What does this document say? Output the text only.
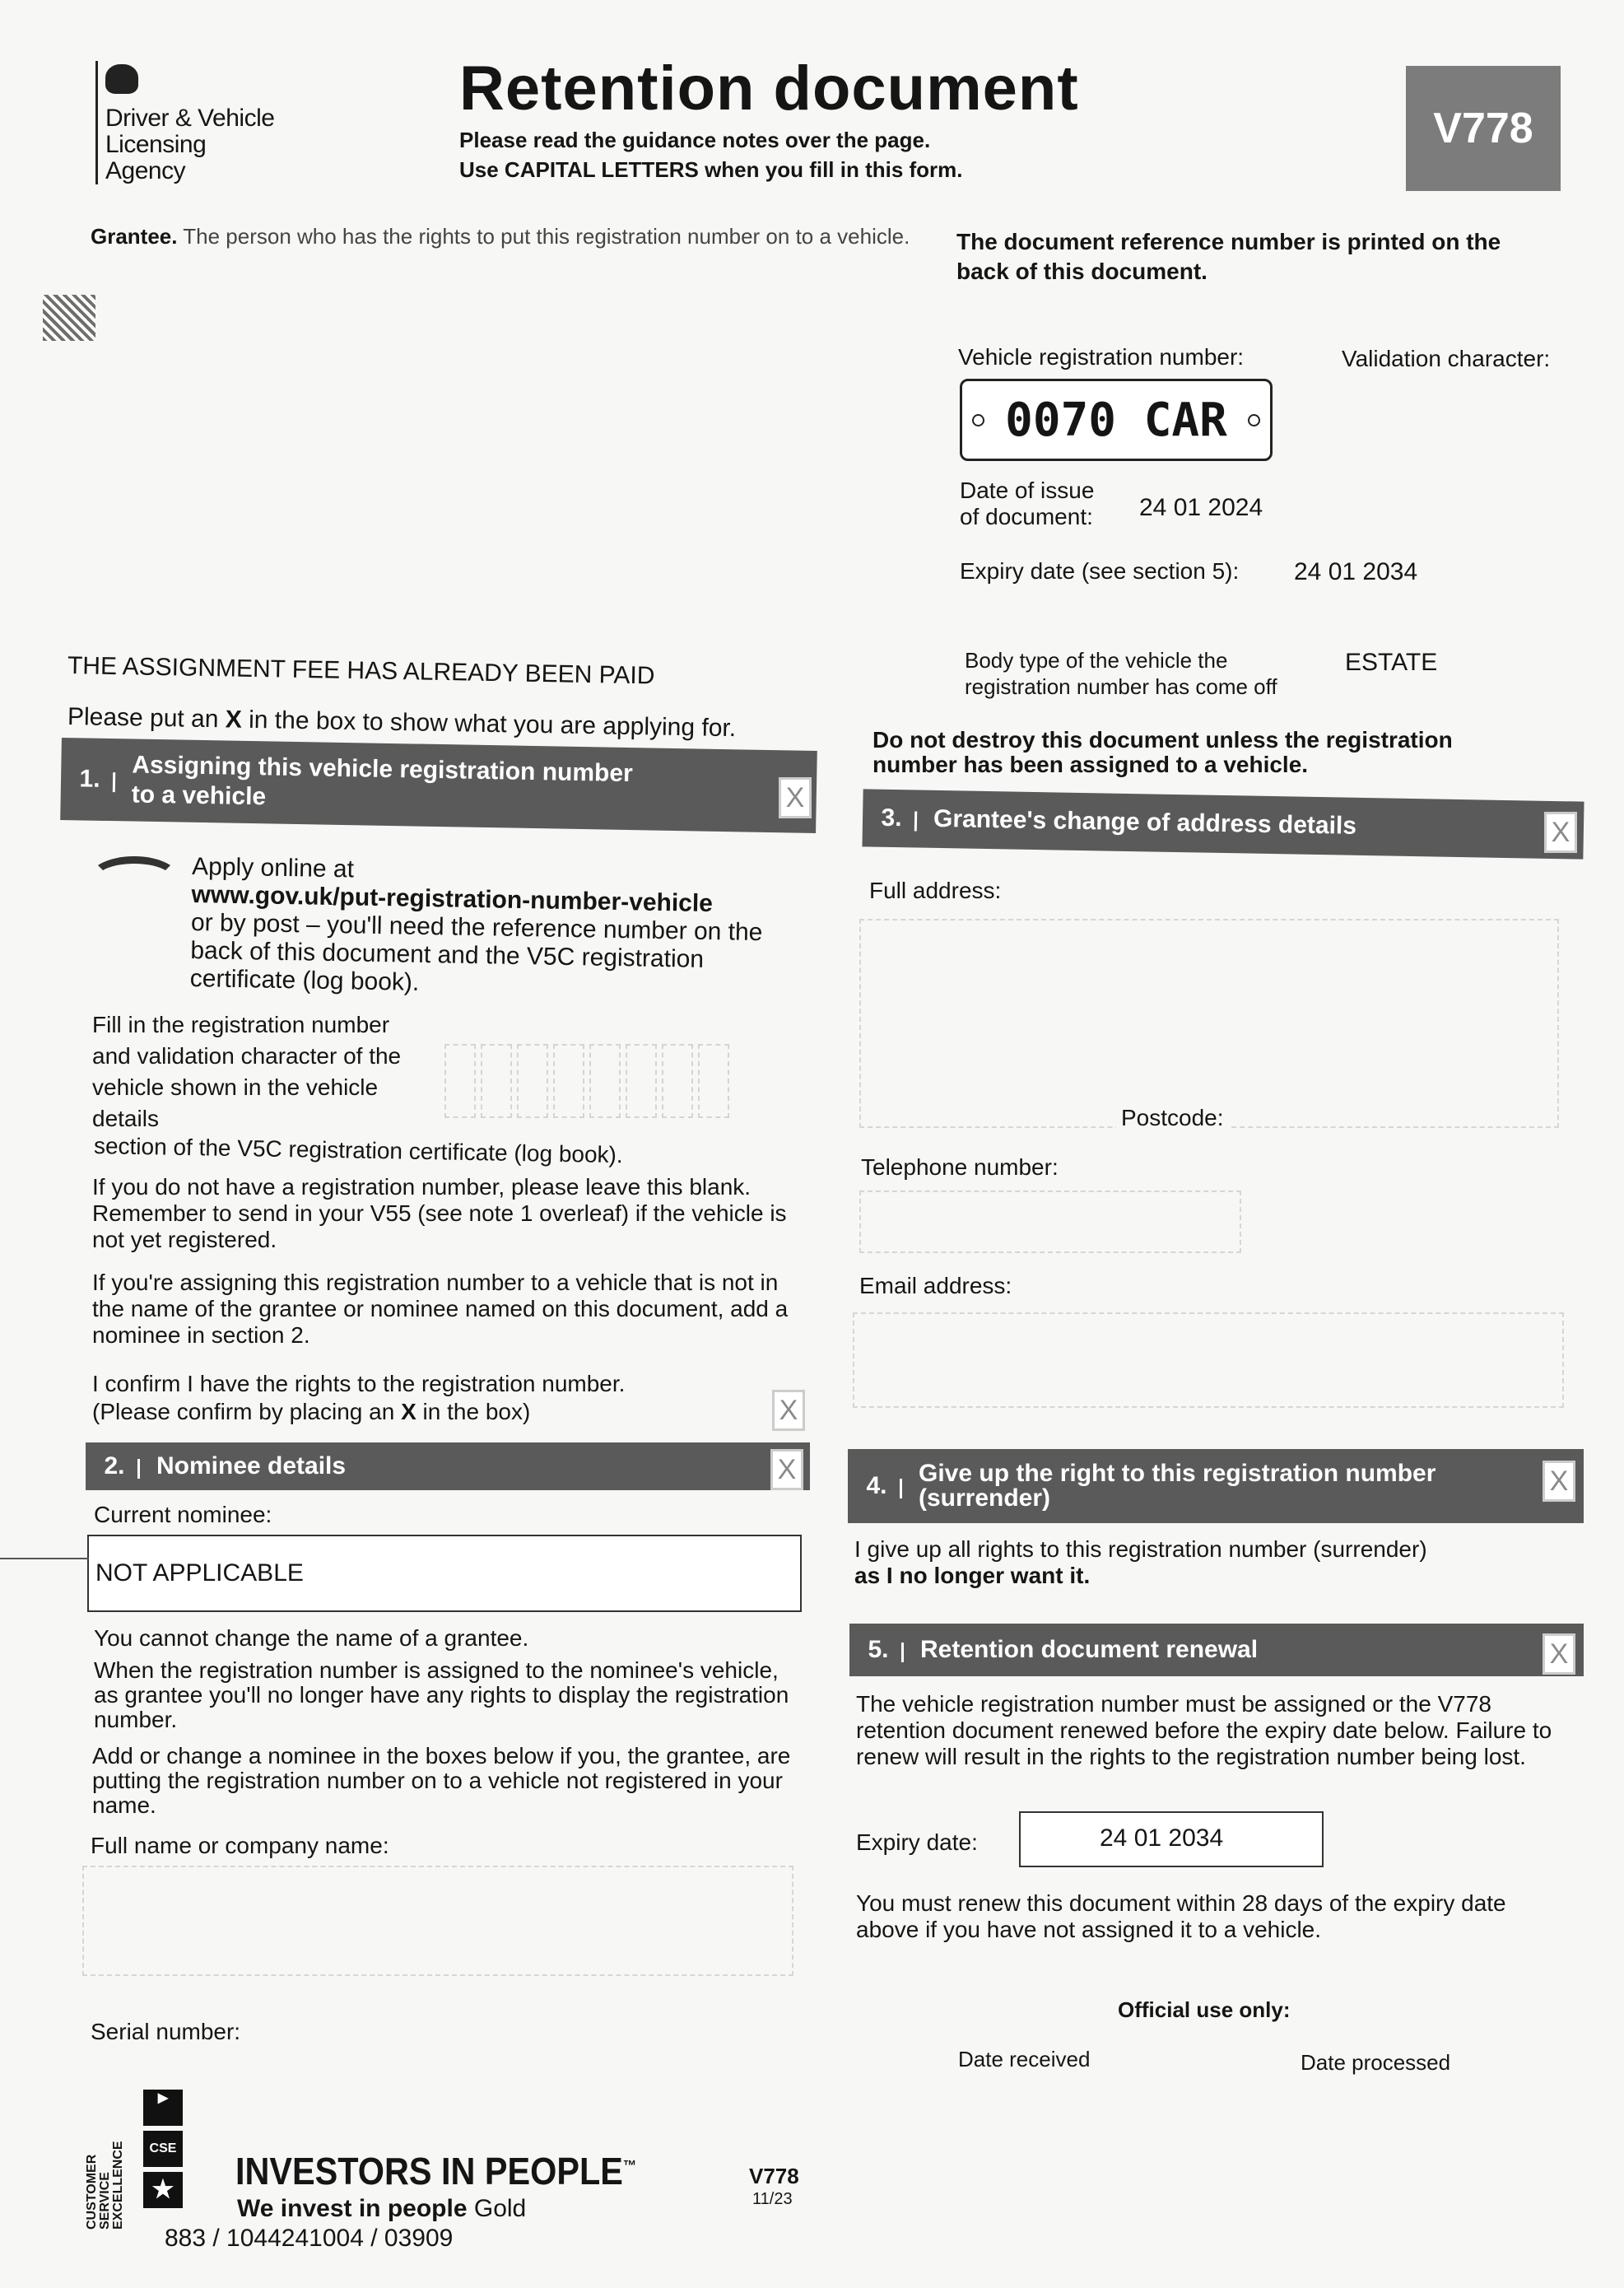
Driver & Vehicle
Licensing
Agency
Retention document
Please read the guidance notes over the page.
Use CAPITAL LETTERS when you fill in this form.
V778
Grantee. The person who has the rights to put this registration number on to a vehicle.	The document reference number is printed on the back of this document.
Vehicle registration number:	Validation character:
0070 CAR
Date of issue
of document: 24 01 2024
Expiry date (see section 5): 24 01 2034
Body type of the vehicle the
registration number has come off
ESTATE
THE ASSIGNMENT FEE HAS ALREADY BEEN PAID
Please put an X in the box to show what you are applying for.	Do not destroy this document unless the registration number has been assigned to a vehicle.
1.	Assigning this vehicle registration number
to a vehicle	X
Apply online at
www.gov.uk/put-registration-number-vehicle
or by post – you'll need the reference number on the back of this document and the V5C registration certificate (log book).
Fill in the registration number and validation character of the vehicle shown in the vehicle details
section of the V5C registration certificate (log book).
If you do not have a registration number, please leave this blank. Remember to send in your V55 (see note 1 overleaf) if the vehicle is not yet registered.
If you're assigning this registration number to a vehicle that is not in the name of the grantee or nominee named on this document, add a nominee in section 2.
I confirm I have the rights to the registration number.
(Please confirm by placing an X in the box)	X
2.	Nominee details	X
Current nominee:
NOT APPLICABLE
You cannot change the name of a grantee.
When the registration number is assigned to the nominee's vehicle, as grantee you'll no longer have any rights to display the registration number.
Add or change a nominee in the boxes below if you, the grantee, are putting the registration number on to a vehicle not registered in your name.
Full name or company name:
Serial number:
3.	Grantee's change of address details	X
Full address:
Postcode:
Telephone number:
Email address:
4.	Give up the right to this registration number
(surrender)
X
I give up all rights to this registration number (surrender)
as I no longer want it.
5.	Retention document renewal	X
The vehicle registration number must be assigned or the V778 retention document renewed before the expiry date below. Failure to renew will result in the rights to the registration number being lost.
Expiry date:	24 01 2034
You must renew this document within 28 days of the expiry date above if you have not assigned it to a vehicle.
Official use only:
Date received	Date processed
CUSTOMER SERVICE EXCELLENCE
▶
CSE
★ INVESTORS IN PEOPLE™
We invest in people Gold
V778
11/23
883 / 1044241004 / 03909
